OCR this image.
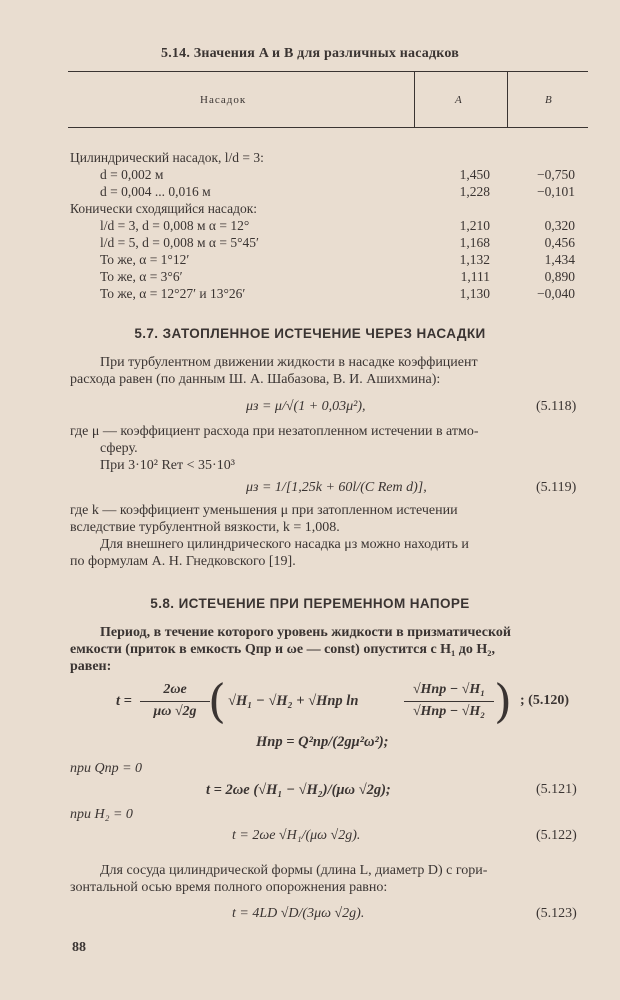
5.14. Значения A и B для различных насадков
Насадок	A	B
Цилиндрический насадок, l/d = 3:
d = 0,002 м	1,450	−0,750
d = 0,004 ... 0,016 м	1,228	−0,101
Конически сходящийся насадок:
l/d = 3, d = 0,008 м α = 12°	1,210	0,320
l/d = 5, d = 0,008 м α = 5°45′	1,168	0,456
То же, α = 1°12′	1,132	1,434
То же, α = 3°6′	1,111	0,890
То же, α = 12°27′ и 13°26′	1,130	−0,040
5.7. ЗАТОПЛЕННОЕ ИСТЕЧЕНИЕ ЧЕРЕЗ НАСАДКИ
При турбулентном движении жидкости в насадке коэффициент
расхода равен (по данным Ш. А. Шабазова, В. И. Ашихмина):
μз = μ/√(1 + 0,03μ²),	(5.118)
где μ — коэффициент расхода при незатопленном истечении в атмо-
сферу.
При 3·10² Reт < 35·10³
μз = 1/[1,25k + 60l/(C Reт d)],	(5.119)
где k — коэффициент уменьшения μ при затопленном истечении
вследствие турбулентной вязкости, k = 1,008.
Для внешнего цилиндрического насадка μз можно находить и
по формулам А. Н. Гнедковского [19].
5.8. ИСТЕЧЕНИЕ ПРИ ПЕРЕМЕННОМ НАПОРЕ
Период, в течение которого уровень жидкости в призматической
емкости (приток в емкость Qпр и ωе — const) опустится с H₁ до H₂,
равен:
t =
2ωе
μω √2g ( √H₁ − √H₂ + √Hпр ln
√Hпр − √H₁
√Hпр − √H₂ ) ; (5.120)
Hпр = Q²пр/(2gμ²ω²);
при Qпр = 0
t = 2ωе (√H₁ − √H₂)/(μω √2g);	(5.121)
при H₂ = 0
t = 2ωе √H₁/(μω √2g).	(5.122)
Для сосуда цилиндрической формы (длина L, диаметр D) с гори-
зонтальной осью время полного опорожнения равно:
t = 4LD √D/(3μω √2g).	(5.123)
88
